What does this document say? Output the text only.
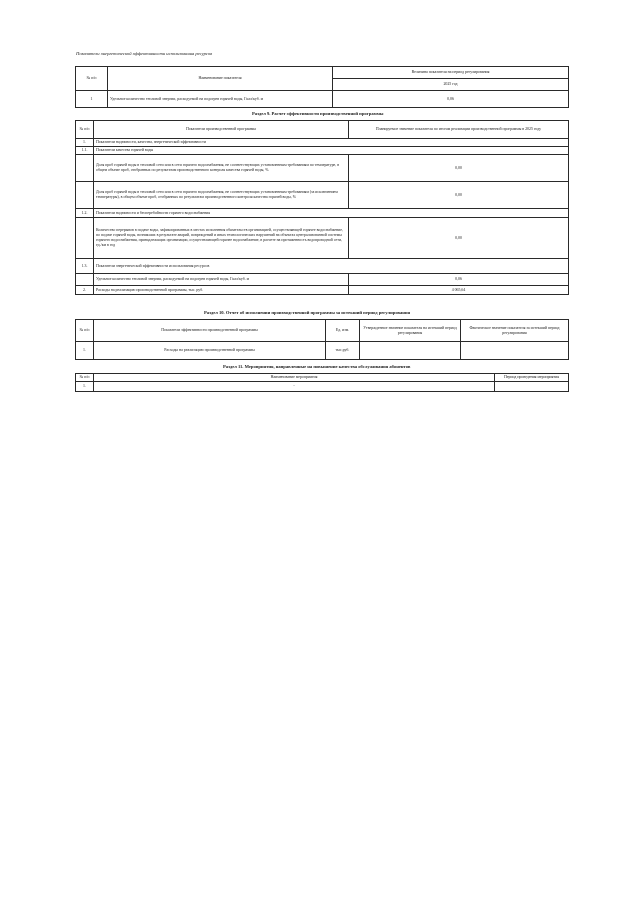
Показатели энергетической эффективности использования ресурсов
№ п/п	Наименование показателя	Величина показателя на период регулирования
		2025 год
1	Удельное количество тепловой энергии, расходуемой на подогрев горячей воды, Гкал/куб. м	0,06
Раздел 9. Расчет эффективности производственной программы
№ п/п	Показатели производственной программы	Планируемое значение показателя по итогам реализации производственной программы в 2025 году
1.	Показатели надежности, качества, энергетической эффективности	
1.1.	Показатели качества горячей воды	
	Доля проб горячей воды в тепловой сети или в сети горячего водоснабжения, не соответствующих установленным требованиям по температуре, в общем объеме проб, отобранных по результатам производственного контроля качества горячей воды, %	0,00
	Доля проб горячей воды в тепловой сети или в сети горячего водоснабжения, не соответствующих установленным требованиям (за исключением температуры), в общем объеме проб, отобранных по результатам производственного контроля качества горячей воды, %	0,00
1.2.	Показатели надежности и бесперебойности горячего водоснабжения	
	Количество перерывов в подаче воды, зафиксированных в местах исполнения обязательств организацией, осуществляющей горячее водоснабжение, по подаче горячей воды, возникших в результате аварий, повреждений и иных технологических нарушений на объектах централизованной системы горячего водоснабжения, принадлежащих организации, осуществляющей горячее водоснабжение, в расчете на протяженность водопроводной сети, ед./км в год	0,00
1.3.	Показатели энергетической эффективности использования ресурсов	
	Удельное количество тепловой энергии, расходуемой на подогрев горячей воды, Гкал/куб. м	0,06
2.	Расходы на реализацию производственной программы, тыс. руб.	4 065,64
Раздел 10. Отчет об исполнении производственной программы за истекший период регулирования
№ п/п	Показатели эффективности производственной программы	Ед. изм.	Утвержденное значение показателя на истекший период регулирования	Фактическое значение показателя за истекший период регулирования
1.	Расходы на реализацию производственной программы	тыс.руб.		
Раздел 11. Мероприятия, направленные на повышение качества обслуживания абонентов
№ п/п	Наименование мероприятия	Период проведения мероприятия
1.	-	
